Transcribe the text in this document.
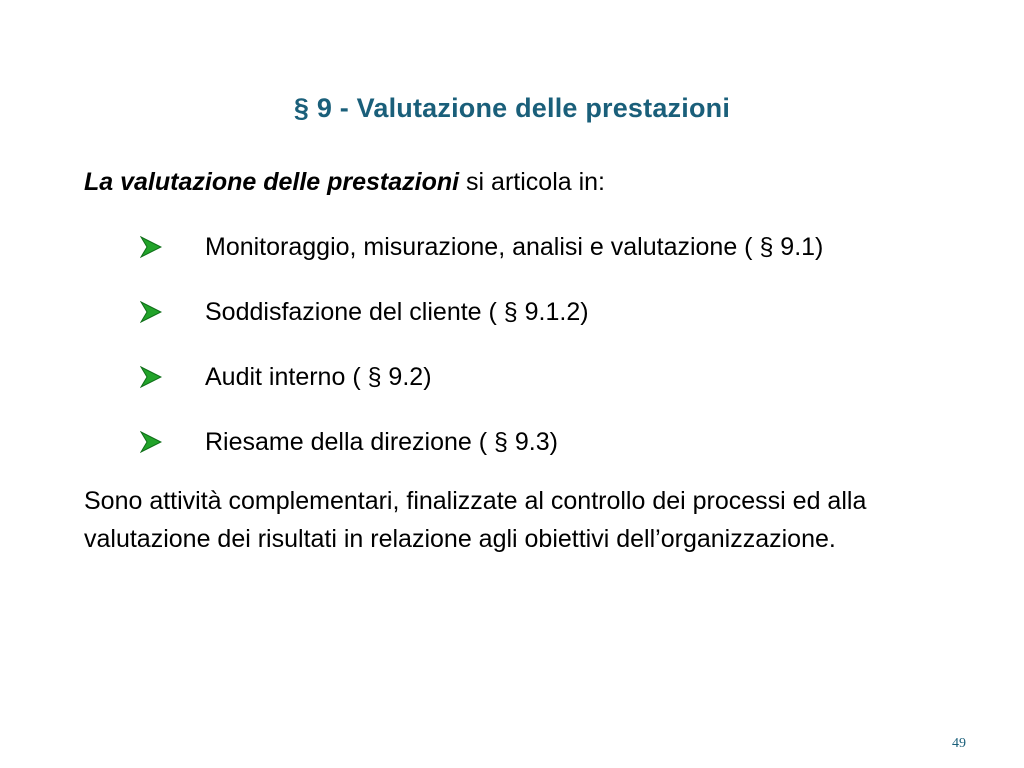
§ 9 - Valutazione delle prestazioni
La valutazione delle prestazioni si articola in:
Monitoraggio, misurazione, analisi e valutazione ( § 9.1)
Soddisfazione del cliente ( § 9.1.2)
Audit interno ( § 9.2)
Riesame della direzione ( § 9.3)
Sono attività complementari, finalizzate al controllo dei processi ed alla valutazione dei risultati in relazione agli obiettivi dell’organizzazione.
49
